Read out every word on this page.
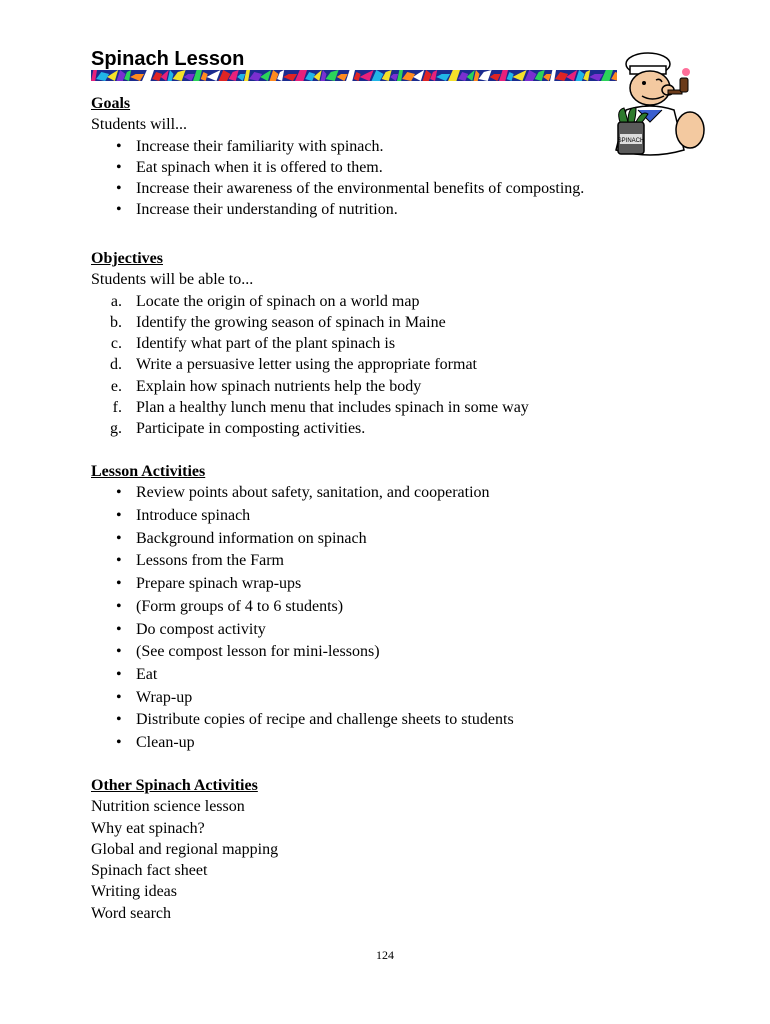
Spinach Lesson
SPINACH

Goals

Students will...

• Increase their familiarity with spinach.
• Eat spinach when it is offered to them.
• Increase their awareness of the environmental benefits of composting.
• Increase their understanding of nutrition.

Objectives

Students will be able to...

a. Locate the origin of spinach on a world map
b. Identify the growing season of spinach in Maine
c. Identify what part of the plant spinach is
d. Write a persuasive letter using the appropriate format
e. Explain how spinach nutrients help the body
f. Plan a healthy lunch menu that includes spinach in some way
g. Participate in composting activities.

Lesson Activities

• Review points about safety, sanitation, and cooperation
• Introduce spinach
• Background information on spinach
• Lessons from the Farm
• Prepare spinach wrap-ups
• (Form groups of 4 to 6 students)
• Do compost activity
• (See compost lesson for mini-lessons)
• Eat
• Wrap-up
• Distribute copies of recipe and challenge sheets to students
• Clean-up

Other Spinach Activities

Nutrition science lesson

Why eat spinach?

Global and regional mapping

Spinach fact sheet

Writing ideas

Word search

124
